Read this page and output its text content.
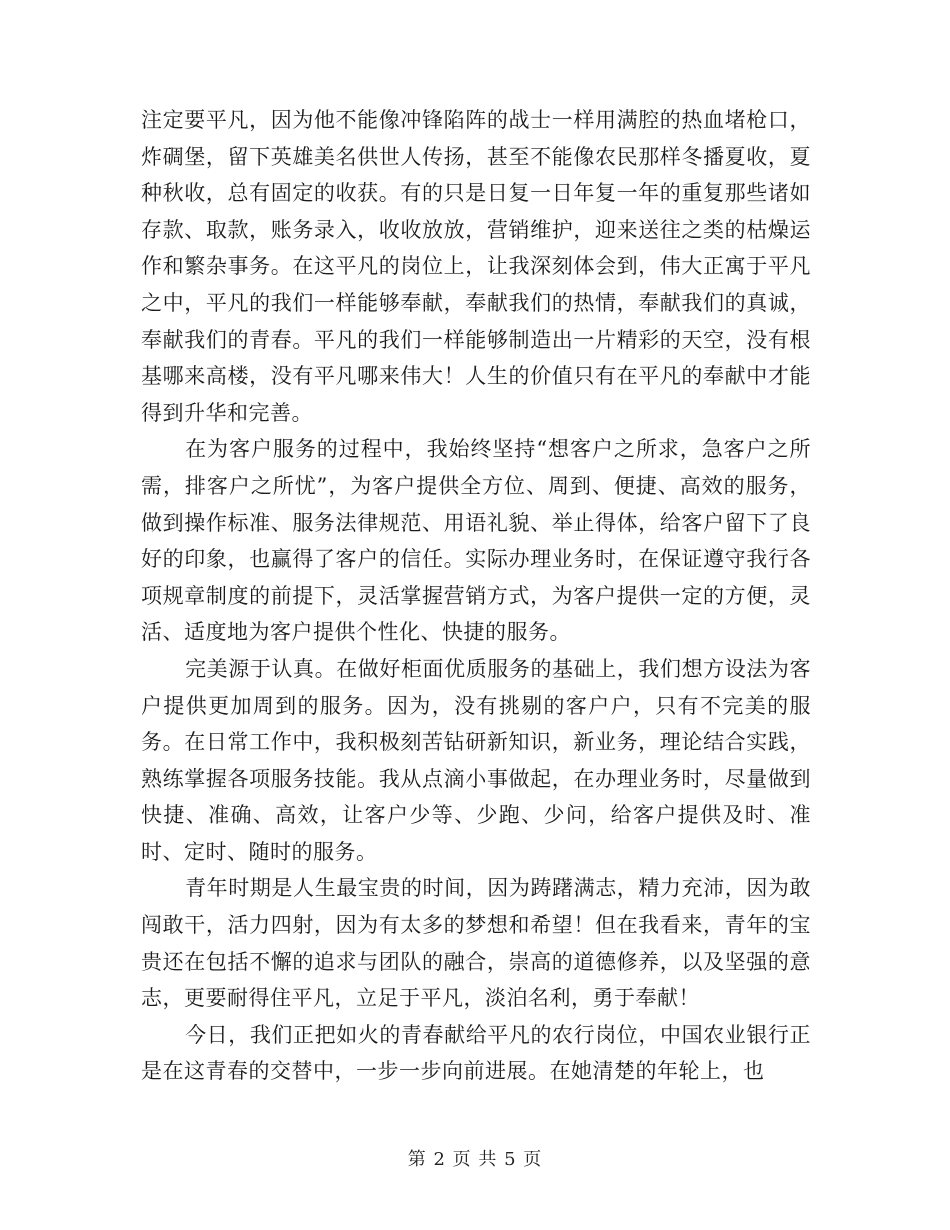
注定要平凡，因为他不能像冲锋陷阵的战士一样用满腔的热血堵枪口，炸碉堡，留下英雄美名供世人传扬，甚至不能像农民那样冬播夏收，夏种秋收，总有固定的收获。有的只是日复一日年复一年的重复那些诸如存款、取款，账务录入，收收放放，营销维护，迎来送往之类的枯燥运作和繁杂事务。在这平凡的岗位上，让我深刻体会到，伟大正寓于平凡之中，平凡的我们一样能够奉献，奉献我们的热情，奉献我们的真诚，奉献我们的青春。平凡的我们一样能够制造出一片精彩的天空，没有根基哪来高楼，没有平凡哪来伟大！人生的价值只有在平凡的奉献中才能得到升华和完善。

在为客户服务的过程中，我始终坚持“想客户之所求，急客户之所需，排客户之所忧”，为客户提供全方位、周到、便捷、高效的服务，做到操作标准、服务法律规范、用语礼貌、举止得体，给客户留下了良好的印象，也赢得了客户的信任。实际办理业务时，在保证遵守我行各项规章制度的前提下，灵活掌握营销方式，为客户提供一定的方便，灵活、适度地为客户提供个性化、快捷的服务。

完美源于认真。在做好柜面优质服务的基础上，我们想方设法为客户提供更加周到的服务。因为，没有挑剔的客户户，只有不完美的服务。在日常工作中，我积极刻苦钻研新知识，新业务，理论结合实践，熟练掌握各项服务技能。我从点滴小事做起，在办理业务时，尽量做到快捷、准确、高效，让客户少等、少跑、少问，给客户提供及时、准时、定时、随时的服务。

青年时期是人生最宝贵的时间，因为踌躇满志，精力充沛，因为敢闯敢干，活力四射，因为有太多的梦想和希望！但在我看来，青年的宝贵还在包括不懈的追求与团队的融合，崇高的道德修养，以及坚强的意志，更要耐得住平凡，立足于平凡，淡泊名利，勇于奉献！

今日，我们正把如火的青春献给平凡的农行岗位，中国农业银行正是在这青春的交替中，一步一步向前进展。在她清楚的年轮上，也

第 2 页 共 5 页
